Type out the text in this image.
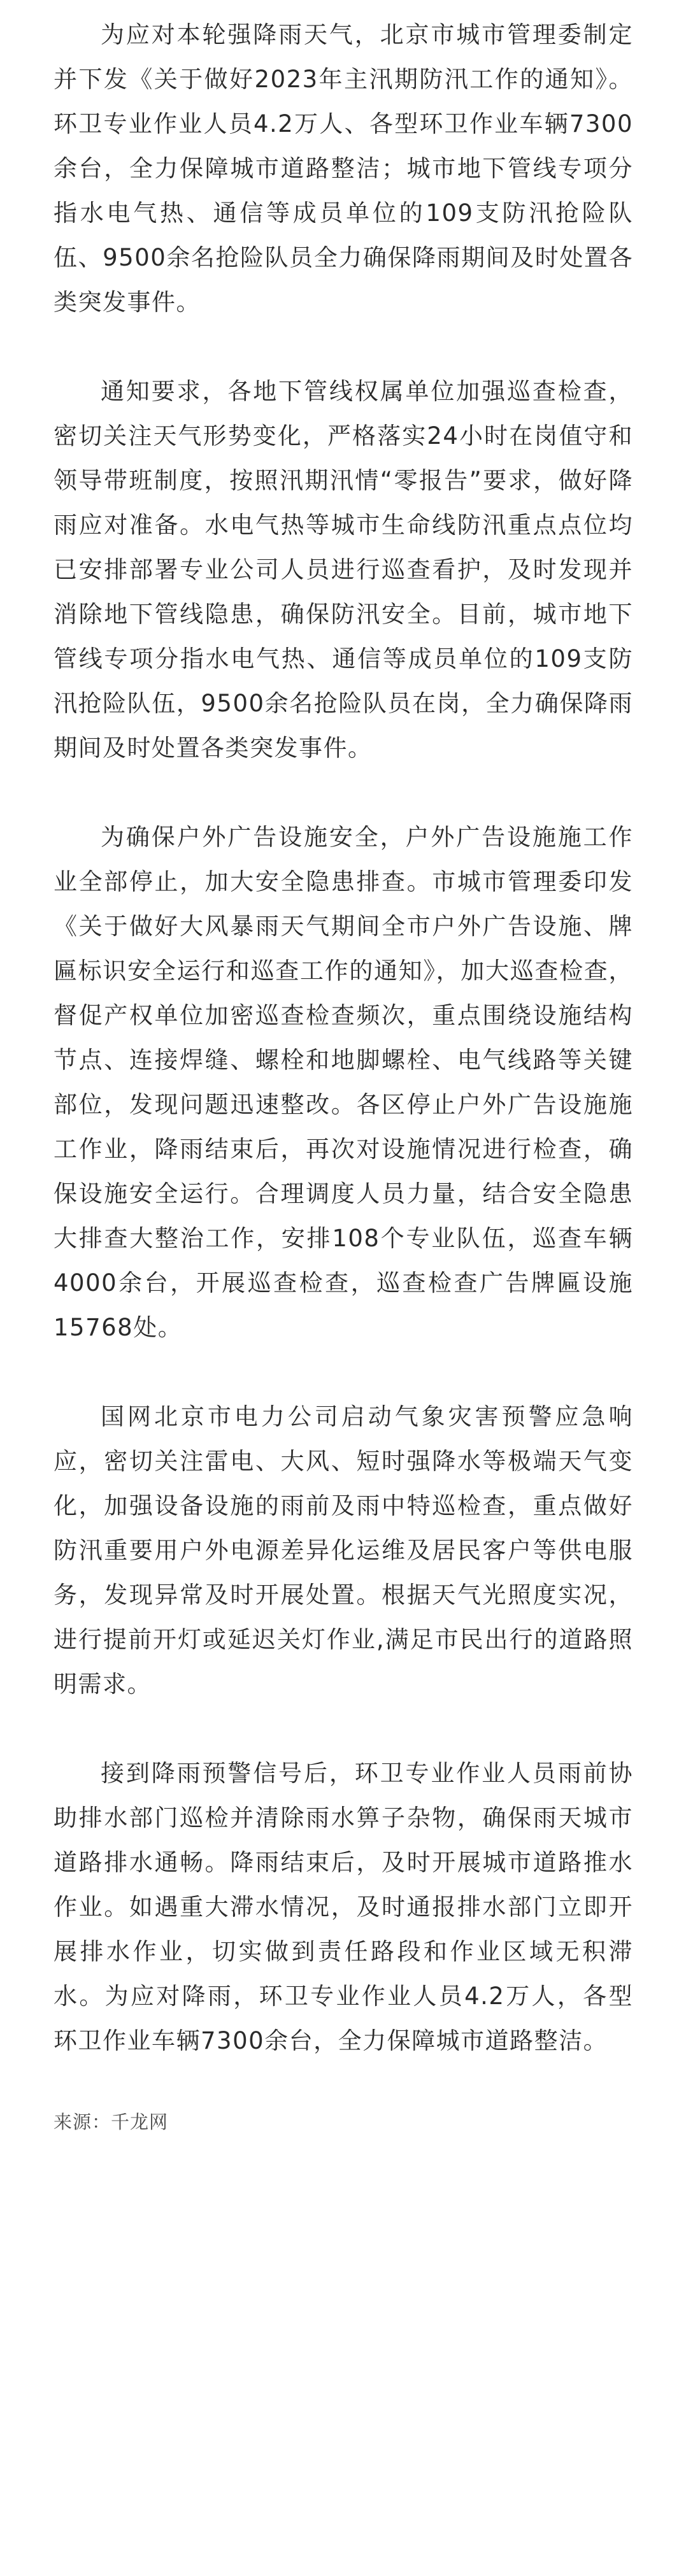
为应对本轮强降雨天气，北京市城市管理委制定并下发《关于做好2023年主汛期防汛工作的通知》。环卫专业作业人员4.2万人、各型环卫作业车辆7300余台，全力保障城市道路整洁；城市地下管线专项分指水电气热、通信等成员单位的109支防汛抢险队伍、9500余名抢险队员全力确保降雨期间及时处置各类突发事件。

通知要求，各地下管线权属单位加强巡查检查，密切关注天气形势变化，严格落实24小时在岗值守和领导带班制度，按照汛期汛情“零报告”要求，做好降雨应对准备。水电气热等城市生命线防汛重点点位均已安排部署专业公司人员进行巡查看护，及时发现并消除地下管线隐患，确保防汛安全。目前，城市地下管线专项分指水电气热、通信等成员单位的109支防汛抢险队伍，9500余名抢险队员在岗，全力确保降雨期间及时处置各类突发事件。

为确保户外广告设施安全，户外广告设施施工作业全部停止，加大安全隐患排查。市城市管理委印发《关于做好大风暴雨天气期间全市户外广告设施、牌匾标识安全运行和巡查工作的通知》，加大巡查检查，督促产权单位加密巡查检查频次，重点围绕设施结构节点、连接焊缝、螺栓和地脚螺栓、电气线路等关键部位，发现问题迅速整改。各区停止户外广告设施施工作业，降雨结束后，再次对设施情况进行检查，确保设施安全运行。合理调度人员力量，结合安全隐患大排查大整治工作，安排108个专业队伍，巡查车辆4000余台，开展巡查检查，巡查检查广告牌匾设施15768处。

国网北京市电力公司启动气象灾害预警应急响应，密切关注雷电、大风、短时强降水等极端天气变化，加强设备设施的雨前及雨中特巡检查，重点做好防汛重要用户外电源差异化运维及居民客户等供电服务，发现异常及时开展处置。根据天气光照度实况，进行提前开灯或延迟关灯作业,满足市民出行的道路照明需求。

接到降雨预警信号后，环卫专业作业人员雨前协助排水部门巡检并清除雨水箅子杂物，确保雨天城市道路排水通畅。降雨结束后，及时开展城市道路推水作业。如遇重大滞水情况，及时通报排水部门立即开展排水作业，切实做到责任路段和作业区域无积滞水。为应对降雨，环卫专业作业人员4.2万人，各型环卫作业车辆7300余台，全力保障城市道路整洁。

来源：千龙网
